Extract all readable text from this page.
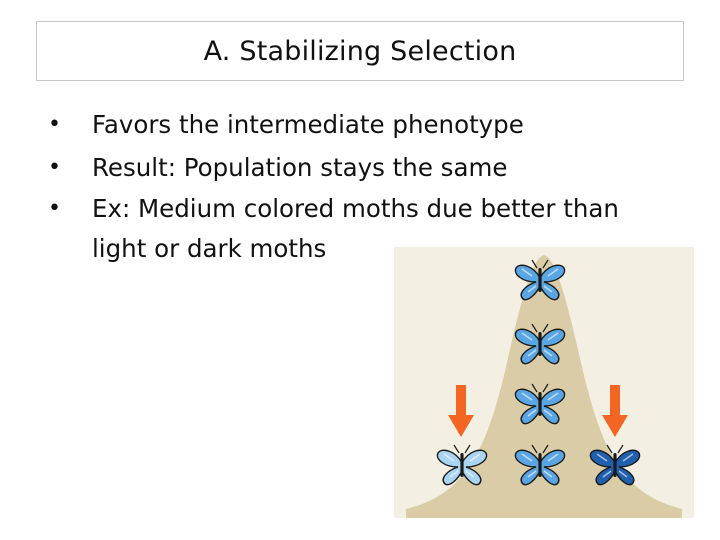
A. Stabilizing Selection
• Favors the intermediate phenotype
• Result: Population stays the same
• Ex: Medium colored moths due better than light or dark moths
